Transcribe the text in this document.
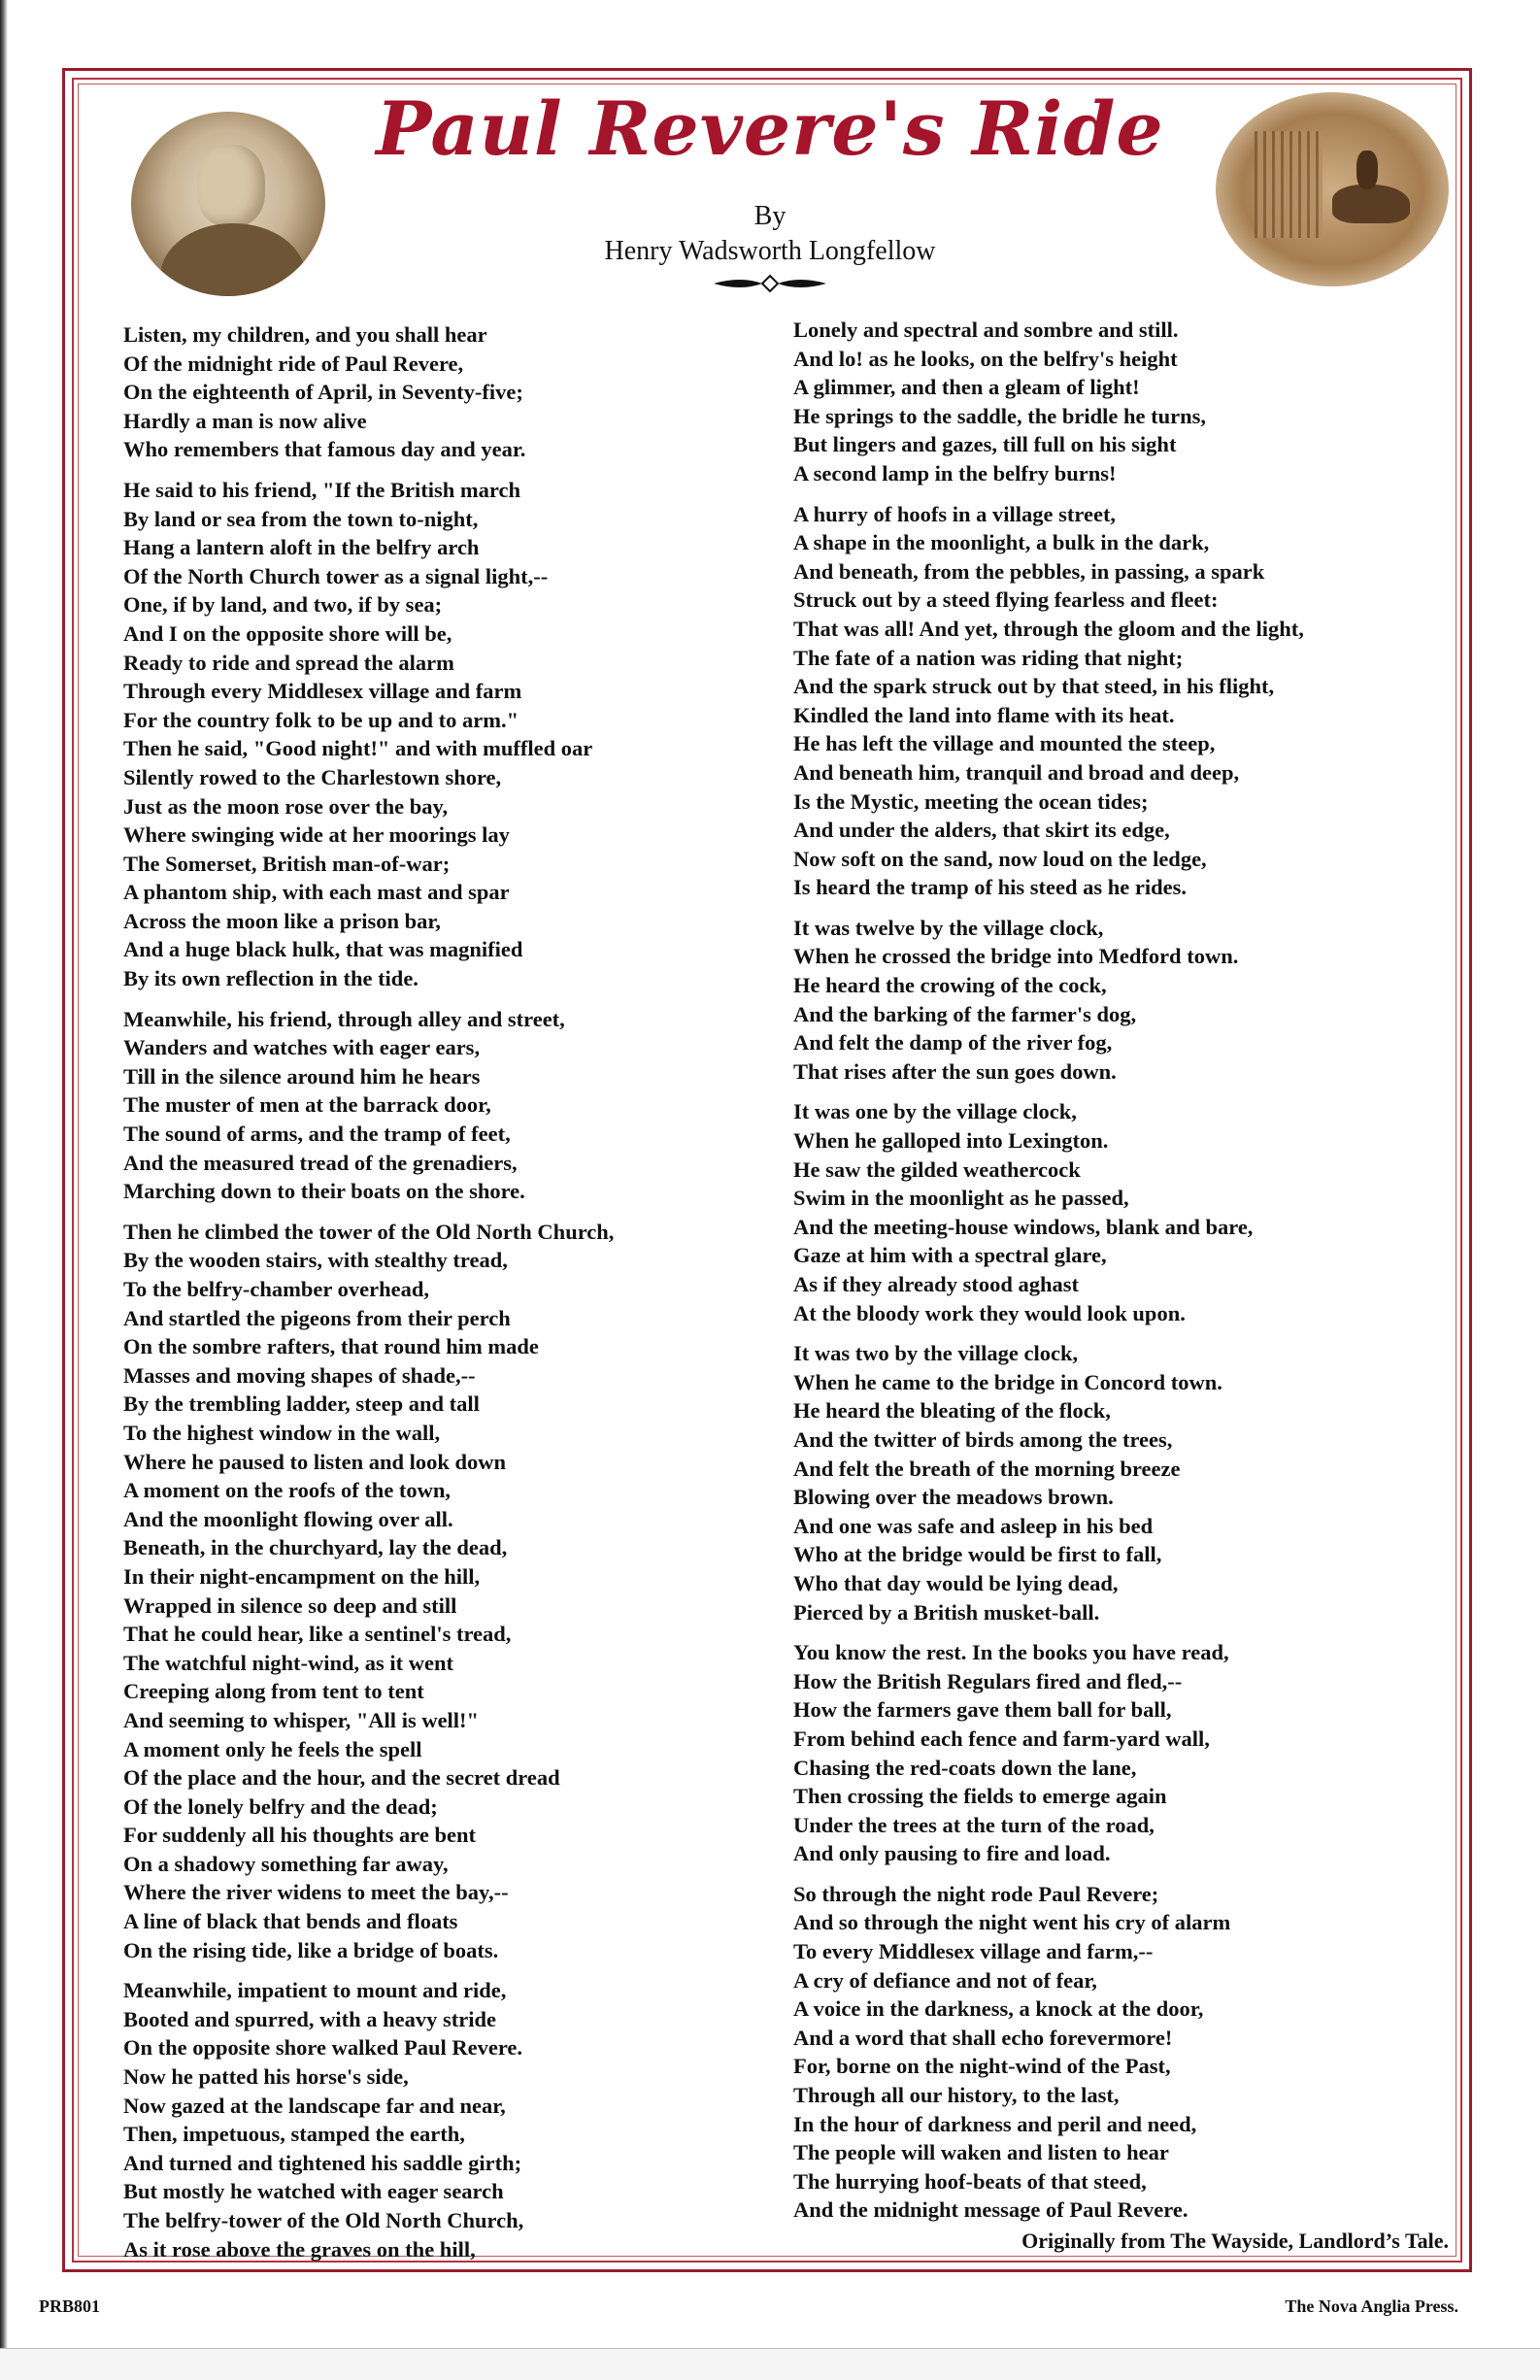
Paul Revere's Ride
By
Henry Wadsworth Longfellow
Listen, my children, and you shall hear
Of the midnight ride of Paul Revere,
On the eighteenth of April, in Seventy-five;
Hardly a man is now alive
Who remembers that famous day and year.
He said to his friend, "If the British march
By land or sea from the town to-night,
Hang a lantern aloft in the belfry arch
Of the North Church tower as a signal light,--
One, if by land, and two, if by sea;
And I on the opposite shore will be,
Ready to ride and spread the alarm
Through every Middlesex village and farm
For the country folk to be up and to arm."
Then he said, "Good night!" and with muffled oar
Silently rowed to the Charlestown shore,
Just as the moon rose over the bay,
Where swinging wide at her moorings lay
The Somerset, British man-of-war;
A phantom ship, with each mast and spar
Across the moon like a prison bar,
And a huge black hulk, that was magnified
By its own reflection in the tide.
Meanwhile, his friend, through alley and street,
Wanders and watches with eager ears,
Till in the silence around him he hears
The muster of men at the barrack door,
The sound of arms, and the tramp of feet,
And the measured tread of the grenadiers,
Marching down to their boats on the shore.
Then he climbed the tower of the Old North Church,
By the wooden stairs, with stealthy tread,
To the belfry-chamber overhead,
And startled the pigeons from their perch
On the sombre rafters, that round him made
Masses and moving shapes of shade,--
By the trembling ladder, steep and tall
To the highest window in the wall,
Where he paused to listen and look down
A moment on the roofs of the town,
And the moonlight flowing over all.
Beneath, in the churchyard, lay the dead,
In their night-encampment on the hill,
Wrapped in silence so deep and still
That he could hear, like a sentinel's tread,
The watchful night-wind, as it went
Creeping along from tent to tent
And seeming to whisper, "All is well!"
A moment only he feels the spell
Of the place and the hour, and the secret dread
Of the lonely belfry and the dead;
For suddenly all his thoughts are bent
On a shadowy something far away,
Where the river widens to meet the bay,--
A line of black that bends and floats
On the rising tide, like a bridge of boats.
Meanwhile, impatient to mount and ride,
Booted and spurred, with a heavy stride
On the opposite shore walked Paul Revere.
Now he patted his horse's side,
Now gazed at the landscape far and near,
Then, impetuous, stamped the earth,
And turned and tightened his saddle girth;
But mostly he watched with eager search
The belfry-tower of the Old North Church,
As it rose above the graves on the hill,
Lonely and spectral and sombre and still.
And lo! as he looks, on the belfry's height
A glimmer, and then a gleam of light!
He springs to the saddle, the bridle he turns,
But lingers and gazes, till full on his sight
A second lamp in the belfry burns!
A hurry of hoofs in a village street,
A shape in the moonlight, a bulk in the dark,
And beneath, from the pebbles, in passing, a spark
Struck out by a steed flying fearless and fleet:
That was all! And yet, through the gloom and the light,
The fate of a nation was riding that night;
And the spark struck out by that steed, in his flight,
Kindled the land into flame with its heat.
He has left the village and mounted the steep,
And beneath him, tranquil and broad and deep,
Is the Mystic, meeting the ocean tides;
And under the alders, that skirt its edge,
Now soft on the sand, now loud on the ledge,
Is heard the tramp of his steed as he rides.
It was twelve by the village clock,
When he crossed the bridge into Medford town.
He heard the crowing of the cock,
And the barking of the farmer's dog,
And felt the damp of the river fog,
That rises after the sun goes down.
It was one by the village clock,
When he galloped into Lexington.
He saw the gilded weathercock
Swim in the moonlight as he passed,
And the meeting-house windows, blank and bare,
Gaze at him with a spectral glare,
As if they already stood aghast
At the bloody work they would look upon.
It was two by the village clock,
When he came to the bridge in Concord town.
He heard the bleating of the flock,
And the twitter of birds among the trees,
And felt the breath of the morning breeze
Blowing over the meadows brown.
And one was safe and asleep in his bed
Who at the bridge would be first to fall,
Who that day would be lying dead,
Pierced by a British musket-ball.
You know the rest. In the books you have read,
How the British Regulars fired and fled,--
How the farmers gave them ball for ball,
From behind each fence and farm-yard wall,
Chasing the red-coats down the lane,
Then crossing the fields to emerge again
Under the trees at the turn of the road,
And only pausing to fire and load.
So through the night rode Paul Revere;
And so through the night went his cry of alarm
To every Middlesex village and farm,--
A cry of defiance and not of fear,
A voice in the darkness, a knock at the door,
And a word that shall echo forevermore!
For, borne on the night-wind of the Past,
Through all our history, to the last,
In the hour of darkness and peril and need,
The people will waken and listen to hear
The hurrying hoof-beats of that steed,
And the midnight message of Paul Revere.
Originally from The Wayside, Landlord’s Tale.
PRB801	The Nova Anglia Press.
